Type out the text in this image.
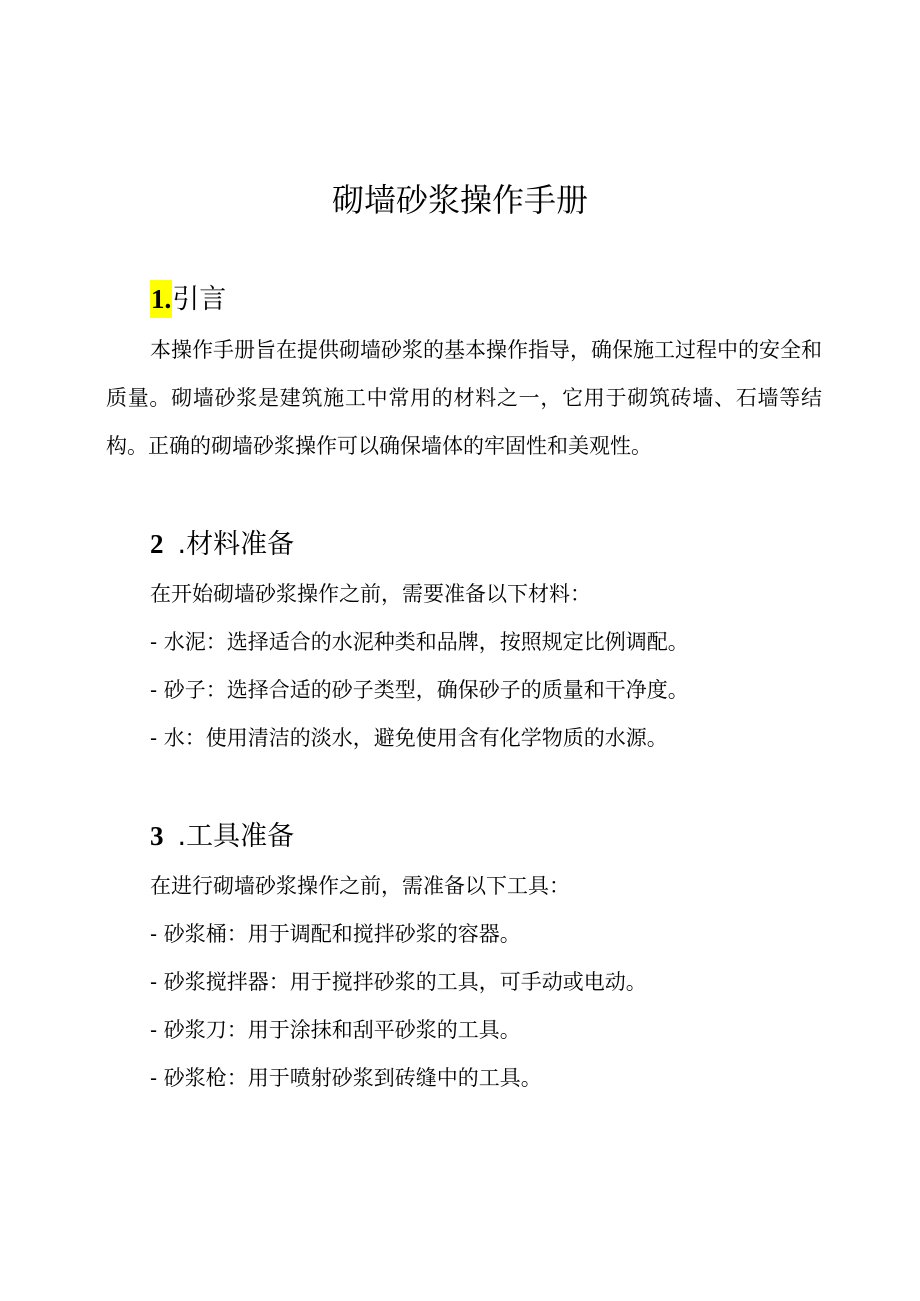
砌墙砂浆操作手册
1.引言

本操作手册旨在提供砌墙砂浆的基本操作指导，确保施工过程中的安全和质量。砌墙砂浆是建筑施工中常用的材料之一，它用于砌筑砖墙、石墙等结构。正确的砌墙砂浆操作可以确保墙体的牢固性和美观性。

2 .材料准备

在开始砌墙砂浆操作之前，需要准备以下材料：

- 水泥：选择适合的水泥种类和品牌，按照规定比例调配。

- 砂子：选择合适的砂子类型，确保砂子的质量和干净度。

- 水：使用清洁的淡水，避免使用含有化学物质的水源。

3 .工具准备

在进行砌墙砂浆操作之前，需准备以下工具：

- 砂浆桶：用于调配和搅拌砂浆的容器。

- 砂浆搅拌器：用于搅拌砂浆的工具，可手动或电动。

- 砂浆刀：用于涂抹和刮平砂浆的工具。

- 砂浆枪：用于喷射砂浆到砖缝中的工具。
